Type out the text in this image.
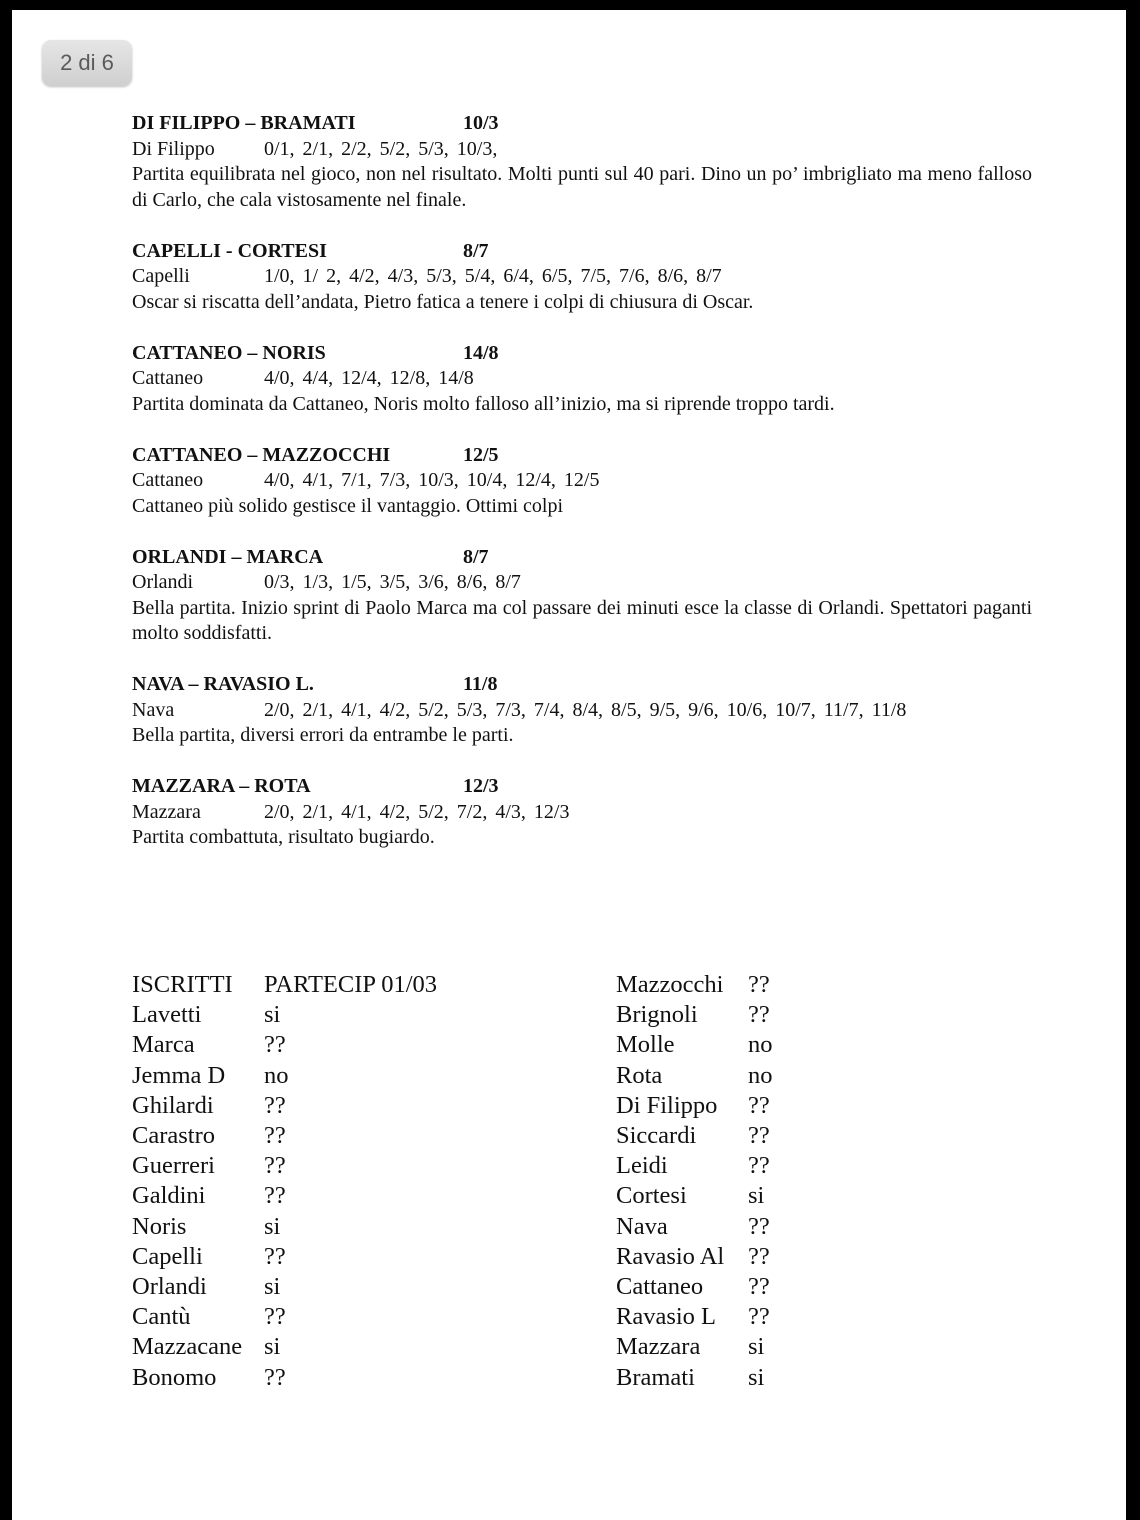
2 di 6
DI FILIPPO – BRAMATI	10/3
Di Filippo	0/1, 2/1, 2/2, 5/2, 5/3, 10/3,
Partita equilibrata nel gioco, non nel risultato. Molti punti sul 40 pari. Dino un po’ imbrigliato ma meno falloso di Carlo, che cala vistosamente nel finale.
CAPELLI - CORTESI	8/7
Capelli	1/0, 1/ 2, 4/2, 4/3, 5/3, 5/4, 6/4, 6/5, 7/5, 7/6, 8/6, 8/7
Oscar si riscatta dell’andata, Pietro fatica a tenere i colpi di chiusura di Oscar.
CATTANEO – NORIS	14/8
Cattaneo	4/0, 4/4, 12/4, 12/8, 14/8
Partita dominata da Cattaneo, Noris molto falloso all’inizio, ma si riprende troppo tardi.
CATTANEO – MAZZOCCHI	12/5
Cattaneo	4/0, 4/1, 7/1, 7/3, 10/3, 10/4, 12/4, 12/5
Cattaneo più solido gestisce il vantaggio. Ottimi colpi
ORLANDI – MARCA	8/7
Orlandi	0/3, 1/3, 1/5, 3/5, 3/6, 8/6, 8/7
Bella partita. Inizio sprint di Paolo Marca ma col passare dei minuti esce la classe di Orlandi. Spettatori paganti molto soddisfatti.
NAVA – RAVASIO L.	11/8
Nava	2/0, 2/1, 4/1, 4/2, 5/2, 5/3, 7/3, 7/4, 8/4, 8/5, 9/5, 9/6, 10/6, 10/7, 11/7, 11/8
Bella partita, diversi errori da entrambe le parti.
MAZZARA – ROTA	12/3
Mazzara	2/0, 2/1, 4/1, 4/2, 5/2, 7/2, 4/3, 12/3
Partita combattuta, risultato bugiardo.
ISCRITTI	PARTECIP 01/03
Lavetti	si
Marca	??
Jemma D	no
Ghilardi	??
Carastro	??
Guerreri	??
Galdini	??
Noris	si
Capelli	??
Orlandi	si
Cantù	??
Mazzacane si
Bonomo	??
Mazzocchi	??
Brignoli	??
Molle	no
Rota	no
Di Filippo	??
Siccardi	??
Leidi	??
Cortesi	si
Nava	??
Ravasio Al ??
Cattaneo	??
Ravasio L	??
Mazzara	si
Bramati	si
